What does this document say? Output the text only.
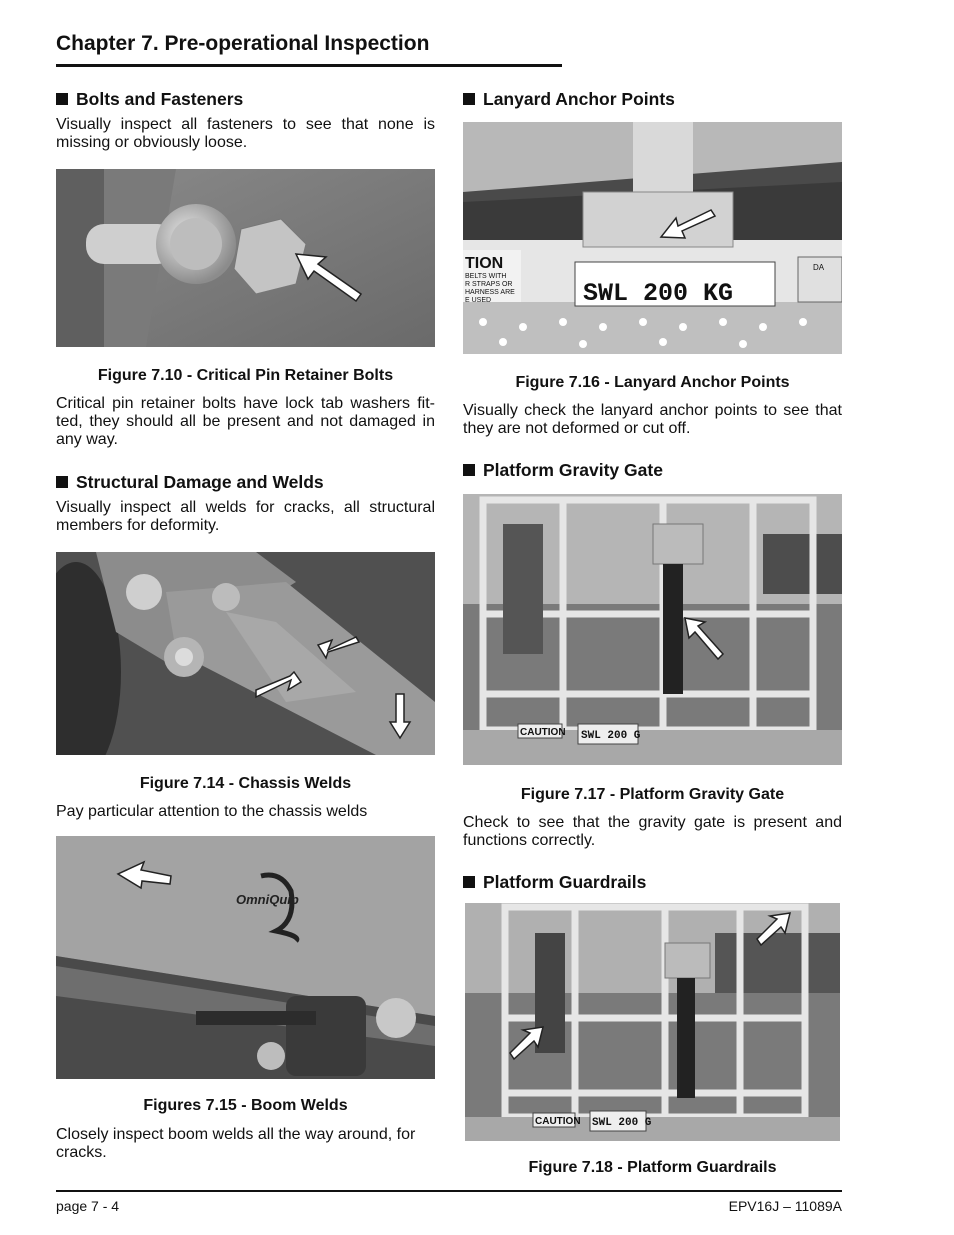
Chapter 7. Pre-operational Inspection
Bolts and Fasteners
Visually inspect all fasteners to see that none is missing or obviously loose.
Figure 7.10 - Critical Pin Retainer Bolts
Critical pin retainer bolts have lock tab washers fit-ted, they should all be present and not damaged in any way.
Structural Damage and Welds
Visually inspect all welds for cracks, all structural members for deformity.
Figure 7.14 - Chassis Welds
Pay particular attention to the chassis welds
OmniQuip
Figures 7.15 - Boom Welds
Closely inspect boom welds all the way around, for cracks.
Lanyard Anchor Points
SWL 200 KG
TION
BELTS WITH
R STRAPS OR
HARNESS ARE
E USED
DA
Figure 7.16 - Lanyard Anchor Points
Visually check the lanyard anchor points to see that they are not deformed or cut off.
Platform Gravity Gate
CAUTION SWL 200 G
Figure 7.17 - Platform Gravity Gate
Check to see that the gravity gate is present and functions correctly.
Platform Guardrails
CAUTION SWL 200 G
Figure 7.18 - Platform Guardrails
page 7 - 4	EPV16J – 11089A
